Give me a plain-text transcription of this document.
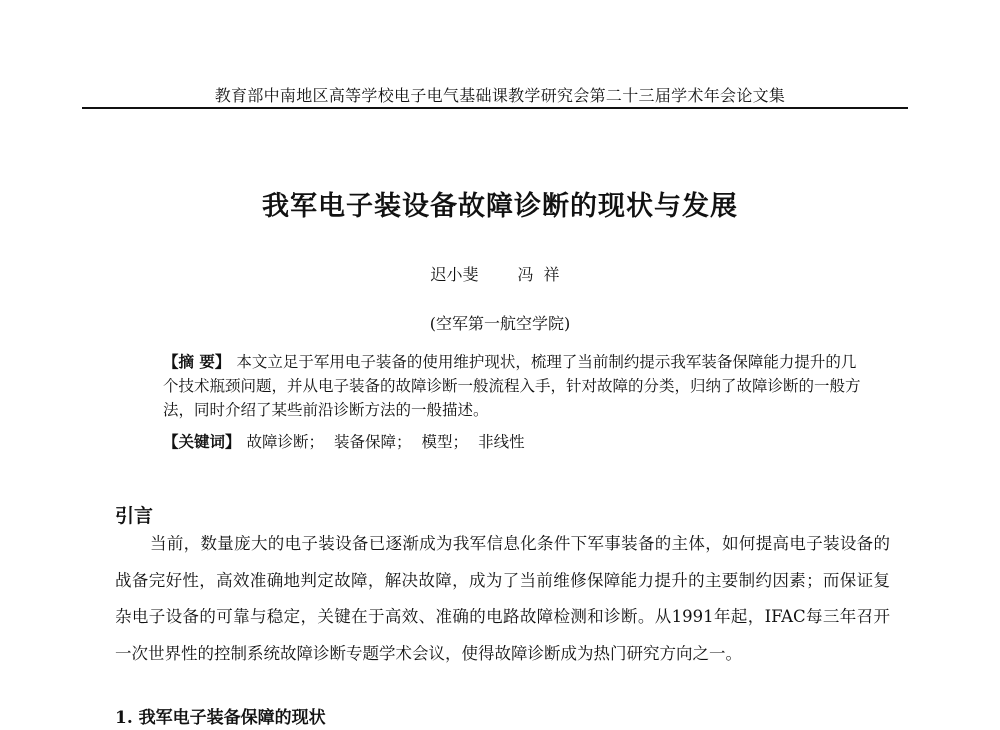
教育部中南地区高等学校电子电气基础课教学研究会第二十三届学术年会论文集
我军电子装设备故障诊断的现状与发展
迟小斐 冯祥
(空军第一航空学院)
【摘 要】 本文立足于军用电子装备的使用维护现状，梳理了当前制约提示我军装备保障能力提升的几个技术瓶颈问题，并从电子装备的故障诊断一般流程入手，针对故障的分类，归纳了故障诊断的一般方法，同时介绍了某些前沿诊断方法的一般描述。
【关键词】 故障诊断； 装备保障； 模型； 非线性
引言
当前，数量庞大的电子装设备已逐渐成为我军信息化条件下军事装备的主体，如何提高电子装设备的战备完好性，高效准确地判定故障，解决故障，成为了当前维修保障能力提升的主要制约因素；而保证复杂电子设备的可靠与稳定，关键在于高效、准确的电路故障检测和诊断。从1991年起，IFAC每三年召开一次世界性的控制系统故障诊断专题学术会议，使得故障诊断成为热门研究方向之一。
1. 我军电子装备保障的现状
